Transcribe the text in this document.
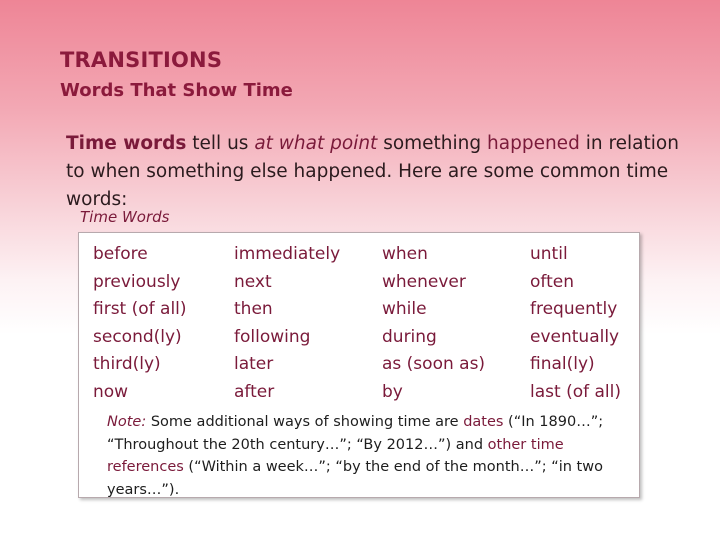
TRANSITIONS
Words That Show Time
Time words tell us at what point something happened in relation to when something else happened. Here are some common time words:
Time Words
before
previously
first (of all)
second(ly)
third(ly)
now
immediately
next
then
following
later
after
when
whenever
while
during
as (soon as)
by
until
often
frequently
eventually
final(ly)
last (of all)
Note: Some additional ways of showing time are dates (“In 1890…”; “Throughout the 20th century…”; “By 2012…”) and other time references (“Within a week…”; “by the end of the month…”; “in two years…”).
